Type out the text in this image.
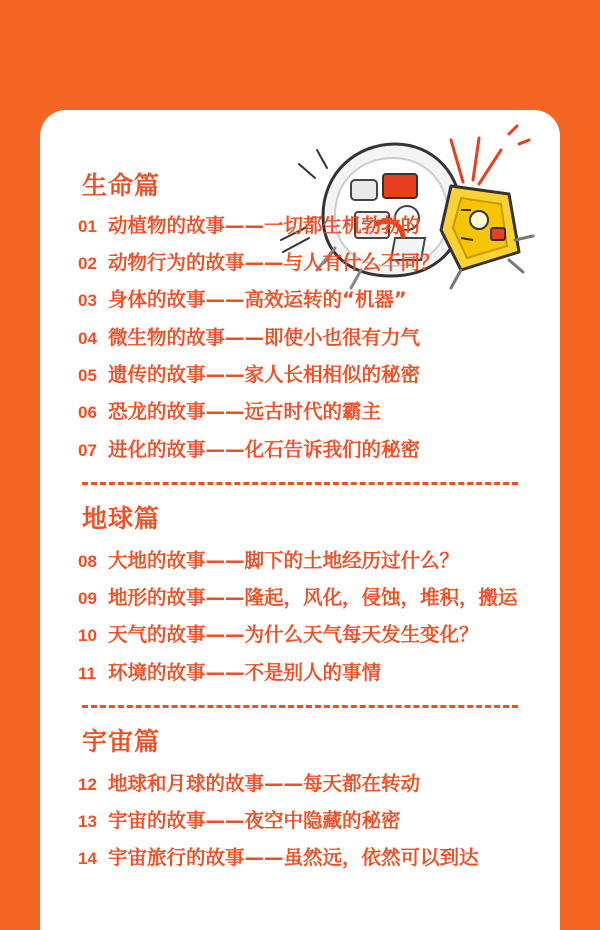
生命篇
01 动植物的故事——一切都生机勃勃的
02 动物行为的故事——与人有什么不同？
03 身体的故事——高效运转的“机器”
04 微生物的故事——即使小也很有力气
05 遗传的故事——家人长相相似的秘密
06 恐龙的故事——远古时代的霸主
07 进化的故事——化石告诉我们的秘密
地球篇
08 大地的故事——脚下的土地经历过什么？
09 地形的故事——隆起，风化，侵蚀，堆积，搬运
10 天气的故事——为什么天气每天发生变化？
11 环境的故事——不是别人的事情
宇宙篇
12 地球和月球的故事——每天都在转动
13 宇宙的故事——夜空中隐藏的秘密
14 宇宙旅行的故事——虽然远，依然可以到达
